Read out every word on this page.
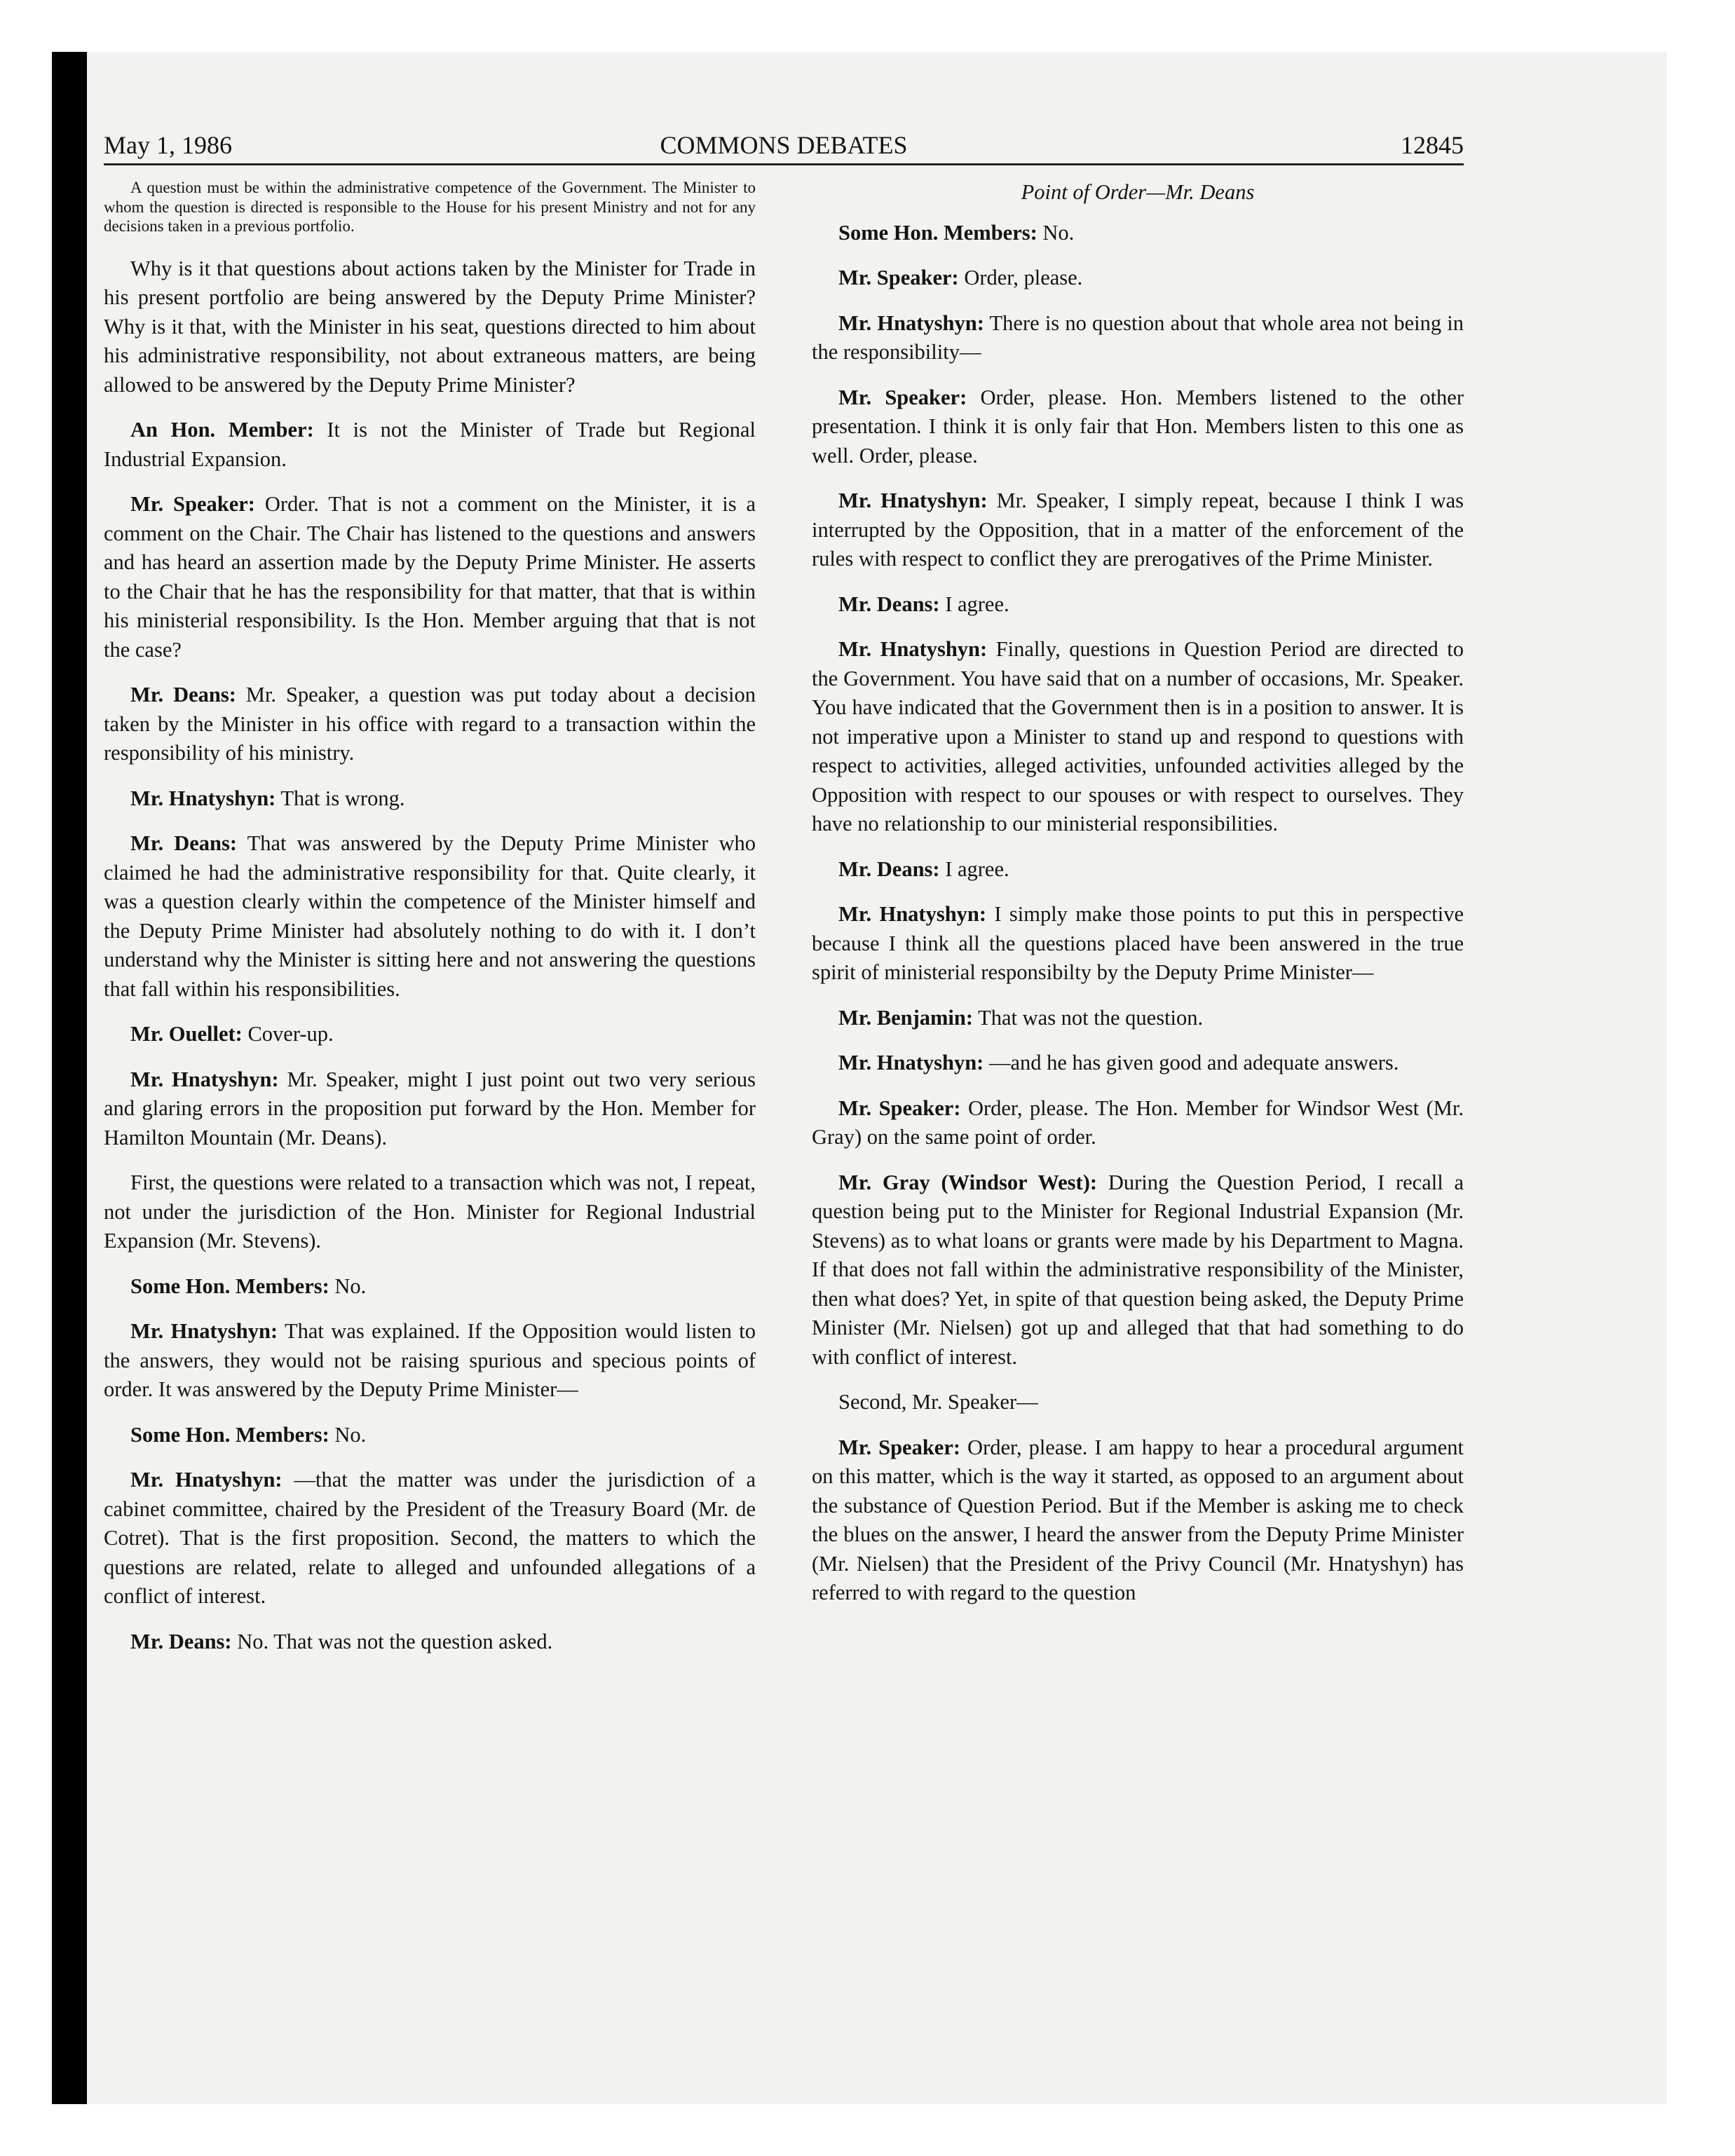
May 1, 1986	COMMONS DEBATES	12845

A question must be within the administrative competence of the Government. The Minister to whom the question is directed is responsible to the House for his present Ministry and not for any decisions taken in a previous portfolio.

Why is it that questions about actions taken by the Minister for Trade in his present portfolio are being answered by the Deputy Prime Minister? Why is it that, with the Minister in his seat, questions directed to him about his administrative responsibility, not about extraneous matters, are being allowed to be answered by the Deputy Prime Minister?

An Hon. Member: It is not the Minister of Trade but Regional Industrial Expansion.

Mr. Speaker: Order. That is not a comment on the Minister, it is a comment on the Chair. The Chair has listened to the questions and answers and has heard an assertion made by the Deputy Prime Minister. He asserts to the Chair that he has the responsibility for that matter, that that is within his ministerial responsibility. Is the Hon. Member arguing that that is not the case?

Mr. Deans: Mr. Speaker, a question was put today about a decision taken by the Minister in his office with regard to a transaction within the responsibility of his ministry.

Mr. Hnatyshyn: That is wrong.

Mr. Deans: That was answered by the Deputy Prime Minister who claimed he had the administrative responsibility for that. Quite clearly, it was a question clearly within the competence of the Minister himself and the Deputy Prime Minister had absolutely nothing to do with it. I don’t understand why the Minister is sitting here and not answering the questions that fall within his responsibilities.

Mr. Ouellet: Cover-up.

Mr. Hnatyshyn: Mr. Speaker, might I just point out two very serious and glaring errors in the proposition put forward by the Hon. Member for Hamilton Mountain (Mr. Deans).

First, the questions were related to a transaction which was not, I repeat, not under the jurisdiction of the Hon. Minister for Regional Industrial Expansion (Mr. Stevens).

Some Hon. Members: No.

Mr. Hnatyshyn: That was explained. If the Opposition would listen to the answers, they would not be raising spurious and specious points of order. It was answered by the Deputy Prime Minister—

Some Hon. Members: No.

Mr. Hnatyshyn: —that the matter was under the jurisdiction of a cabinet committee, chaired by the President of the Treasury Board (Mr. de Cotret). That is the first proposition. Second, the matters to which the questions are related, relate to alleged and unfounded allegations of a conflict of interest.

Mr. Deans: No. That was not the question asked.

Point of Order—Mr. Deans

Some Hon. Members: No.

Mr. Speaker: Order, please.

Mr. Hnatyshyn: There is no question about that whole area not being in the responsibility—

Mr. Speaker: Order, please. Hon. Members listened to the other presentation. I think it is only fair that Hon. Members listen to this one as well. Order, please.

Mr. Hnatyshyn: Mr. Speaker, I simply repeat, because I think I was interrupted by the Opposition, that in a matter of the enforcement of the rules with respect to conflict they are prerogatives of the Prime Minister.

Mr. Deans: I agree.

Mr. Hnatyshyn: Finally, questions in Question Period are directed to the Government. You have said that on a number of occasions, Mr. Speaker. You have indicated that the Government then is in a position to answer. It is not imperative upon a Minister to stand up and respond to questions with respect to activities, alleged activities, unfounded activities alleged by the Opposition with respect to our spouses or with respect to ourselves. They have no relationship to our ministerial responsibilities.

Mr. Deans: I agree.

Mr. Hnatyshyn: I simply make those points to put this in perspective because I think all the questions placed have been answered in the true spirit of ministerial responsibilty by the Deputy Prime Minister—

Mr. Benjamin: That was not the question.

Mr. Hnatyshyn: —and he has given good and adequate answers.

Mr. Speaker: Order, please. The Hon. Member for Windsor West (Mr. Gray) on the same point of order.

Mr. Gray (Windsor West): During the Question Period, I recall a question being put to the Minister for Regional Industrial Expansion (Mr. Stevens) as to what loans or grants were made by his Department to Magna. If that does not fall within the administrative responsibility of the Minister, then what does? Yet, in spite of that question being asked, the Deputy Prime Minister (Mr. Nielsen) got up and alleged that that had something to do with conflict of interest.

Second, Mr. Speaker—

Mr. Speaker: Order, please. I am happy to hear a procedural argument on this matter, which is the way it started, as opposed to an argument about the substance of Question Period. But if the Member is asking me to check the blues on the answer, I heard the answer from the Deputy Prime Minister (Mr. Nielsen) that the President of the Privy Council (Mr. Hnatyshyn) has referred to with regard to the question
